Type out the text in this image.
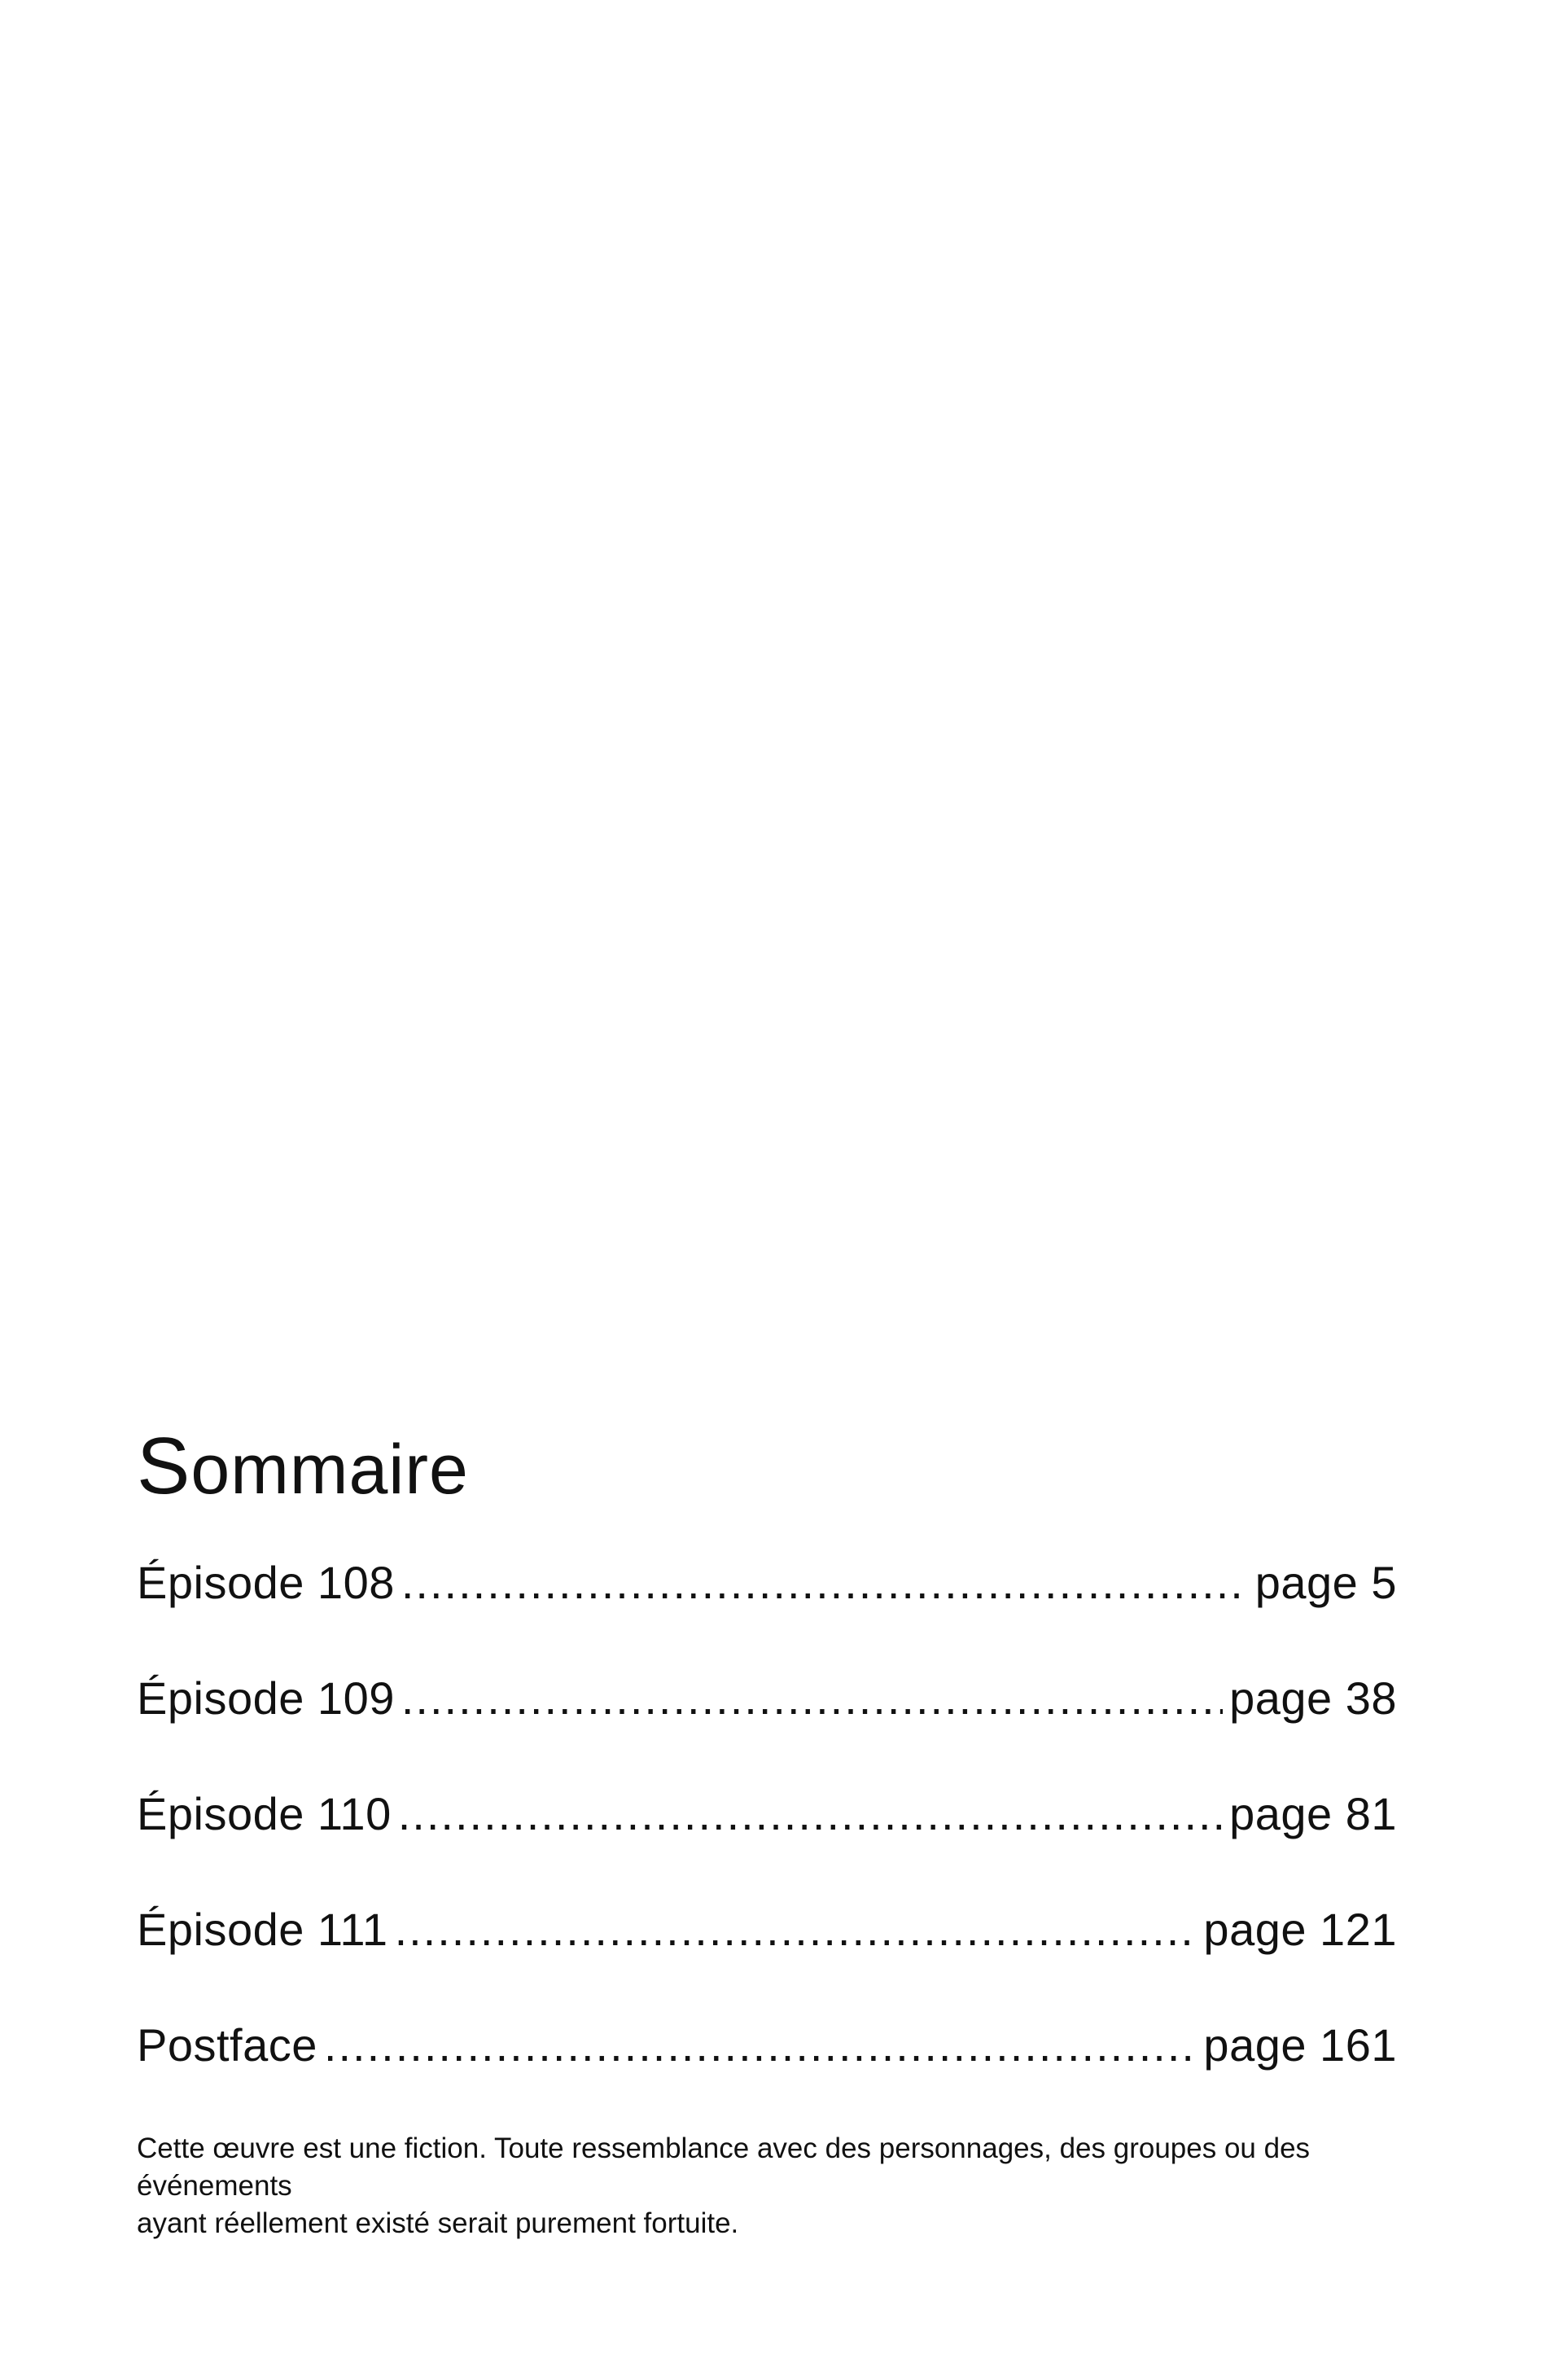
Sommaire
Épisode 108 .....	page 5
Épisode 109 .....	page 38
Épisode 110 .....	page 81
Épisode 111 .....	page 121
Postface .....	page 161

Cette œuvre est une fiction. Toute ressemblance avec des personnages, des groupes ou des événements
ayant réellement existé serait purement fortuite.
